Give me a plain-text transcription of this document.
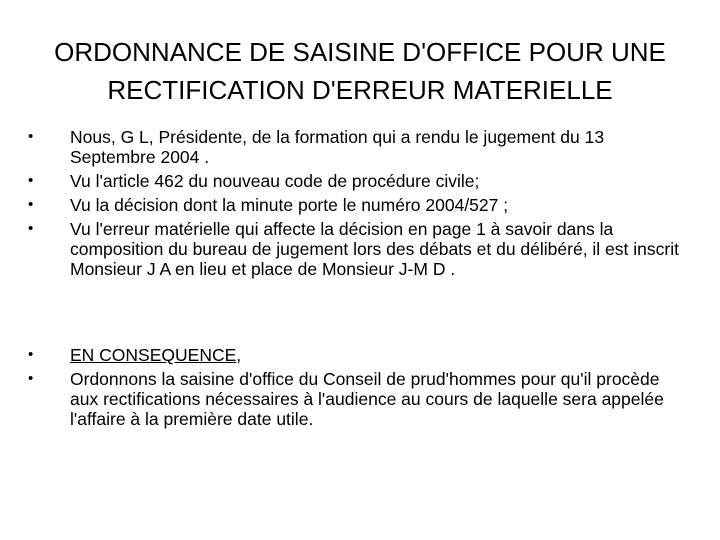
ORDONNANCE DE SAISINE D'OFFICE POUR UNE
RECTIFICATION D'ERREUR MATERIELLE
•	Nous, G L, Présidente, de la formation qui a rendu le jugement du 13 Septembre 2004 .
•	Vu l'article 462 du nouveau code de procédure civile;
•	Vu la décision dont la minute porte le numéro 2004/527 ;
•	Vu l'erreur matérielle qui affecte la décision en page 1 à savoir dans la composition du bureau de jugement lors des débats et du délibéré, il est inscrit Monsieur J A en lieu et place de Monsieur J-M D .
•	EN CONSEQUENCE,
•	Ordonnons la saisine d'office du Conseil de prud'hommes pour qu'il procède aux rectifications nécessaires à l'audience au cours de laquelle sera appelée l'affaire à la première date utile.
